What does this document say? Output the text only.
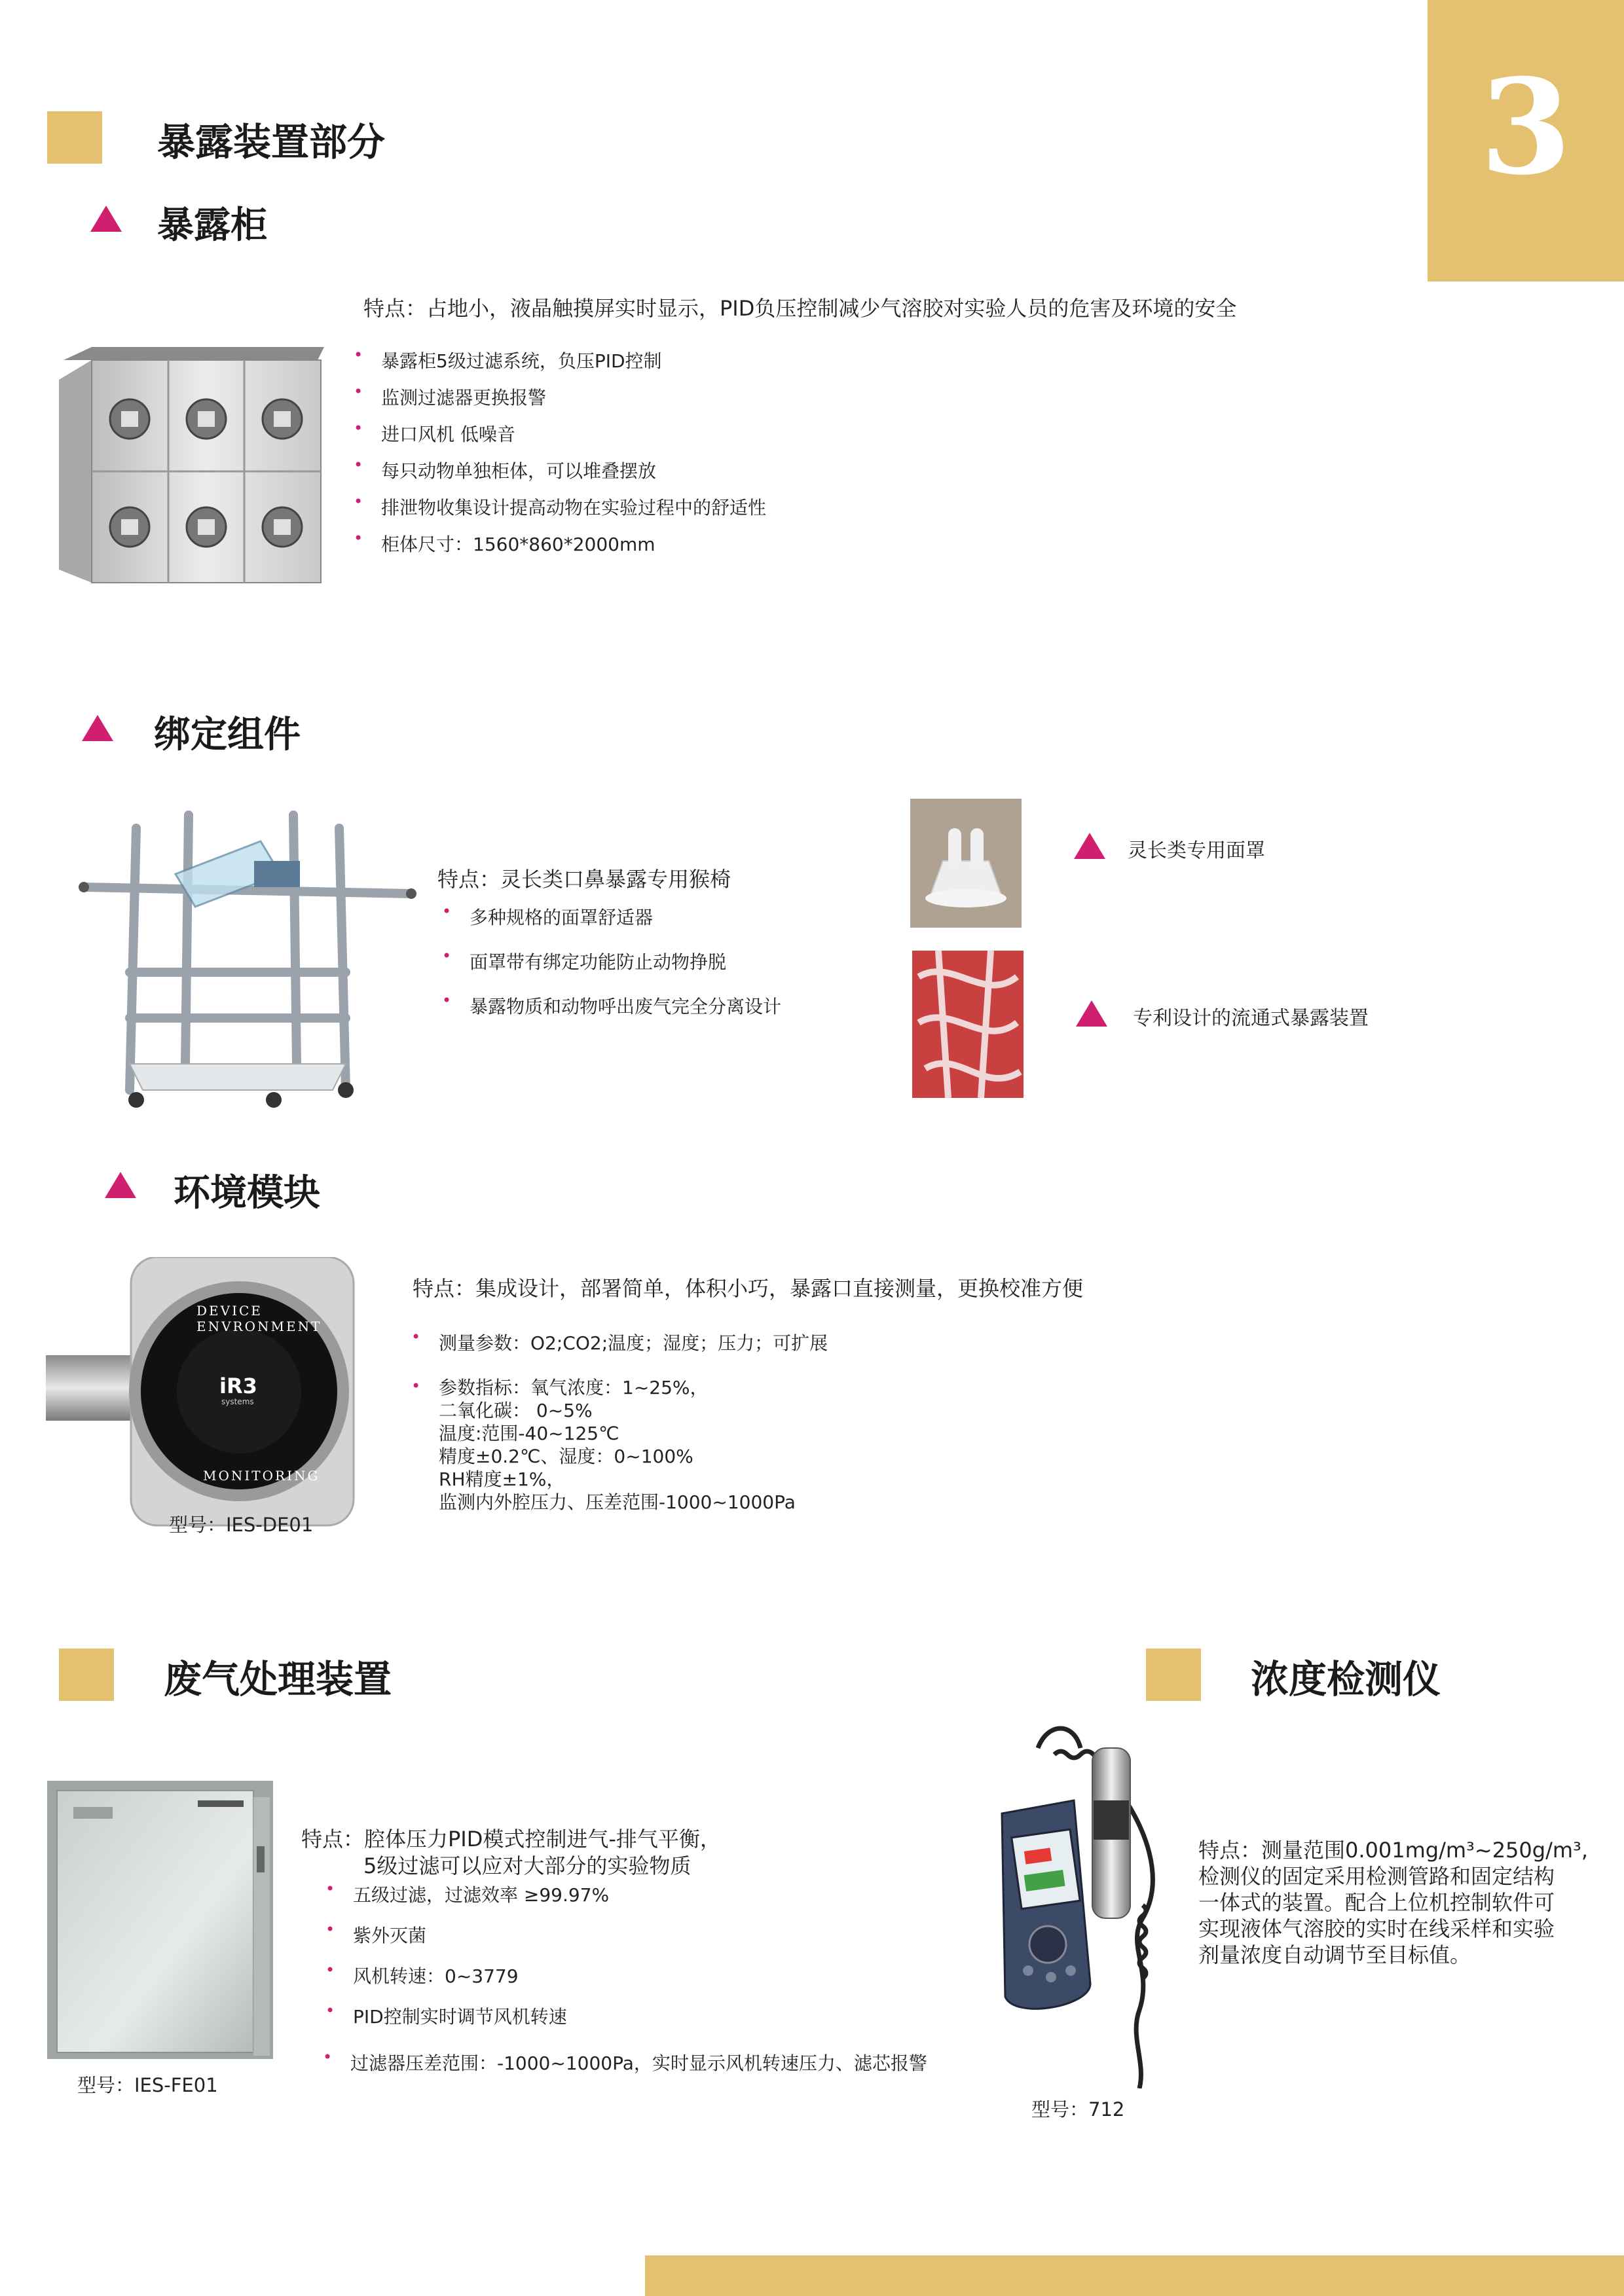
3
暴露装置部分
暴露柜
特点：占地小，液晶触摸屏实时显示，PID负压控制减少气溶胶对实验人员的危害及环境的安全
• 暴露柜5级过滤系统，负压PID控制
• 监测过滤器更换报警
• 进口风机 低噪音
• 每只动物单独柜体，可以堆叠摆放
• 排泄物收集设计提高动物在实验过程中的舒适性
• 柜体尺寸：1560*860*2000mm
绑定组件
特点：灵长类口鼻暴露专用猴椅
• 多种规格的面罩舒适器
• 面罩带有绑定功能防止动物挣脱
• 暴露物质和动物呼出废气完全分离设计
灵长类专用面罩
专利设计的流通式暴露装置
环境模块
iR3
systems
DEVICE ENVRONMENT
MONITORING
型号：IES-DE01
特点：集成设计，部署简单，体积小巧，暴露口直接测量，更换校准方便
• 测量参数：O2;CO2;温度；湿度；压力；可扩展
• 参数指标：氧气浓度：1~25%，
二氧化碳： 0~5%
温度:范围-40~125℃
精度±0.2℃、湿度：0~100%
RH精度±1%，
监测内外腔压力、压差范围-1000~1000Pa
废气处理装置
型号：IES-FE01
特点：腔体压力PID模式控制进气-排气平衡，
5级过滤可以应对大部分的实验物质
• 五级过滤，过滤效率 ≥99.97%
• 紫外灭菌
• 风机转速：0~3779
• PID控制实时调节风机转速
• 过滤器压差范围：-1000~1000Pa，实时显示风机转速压力、滤芯报警
浓度检测仪
型号：712
特点：测量范围0.001mg/m³~250g/m³,
检测仪的固定采用检测管路和固定结构
一体式的装置。配合上位机控制软件可
实现液体气溶胶的实时在线采样和实验
剂量浓度自动调节至目标值。
